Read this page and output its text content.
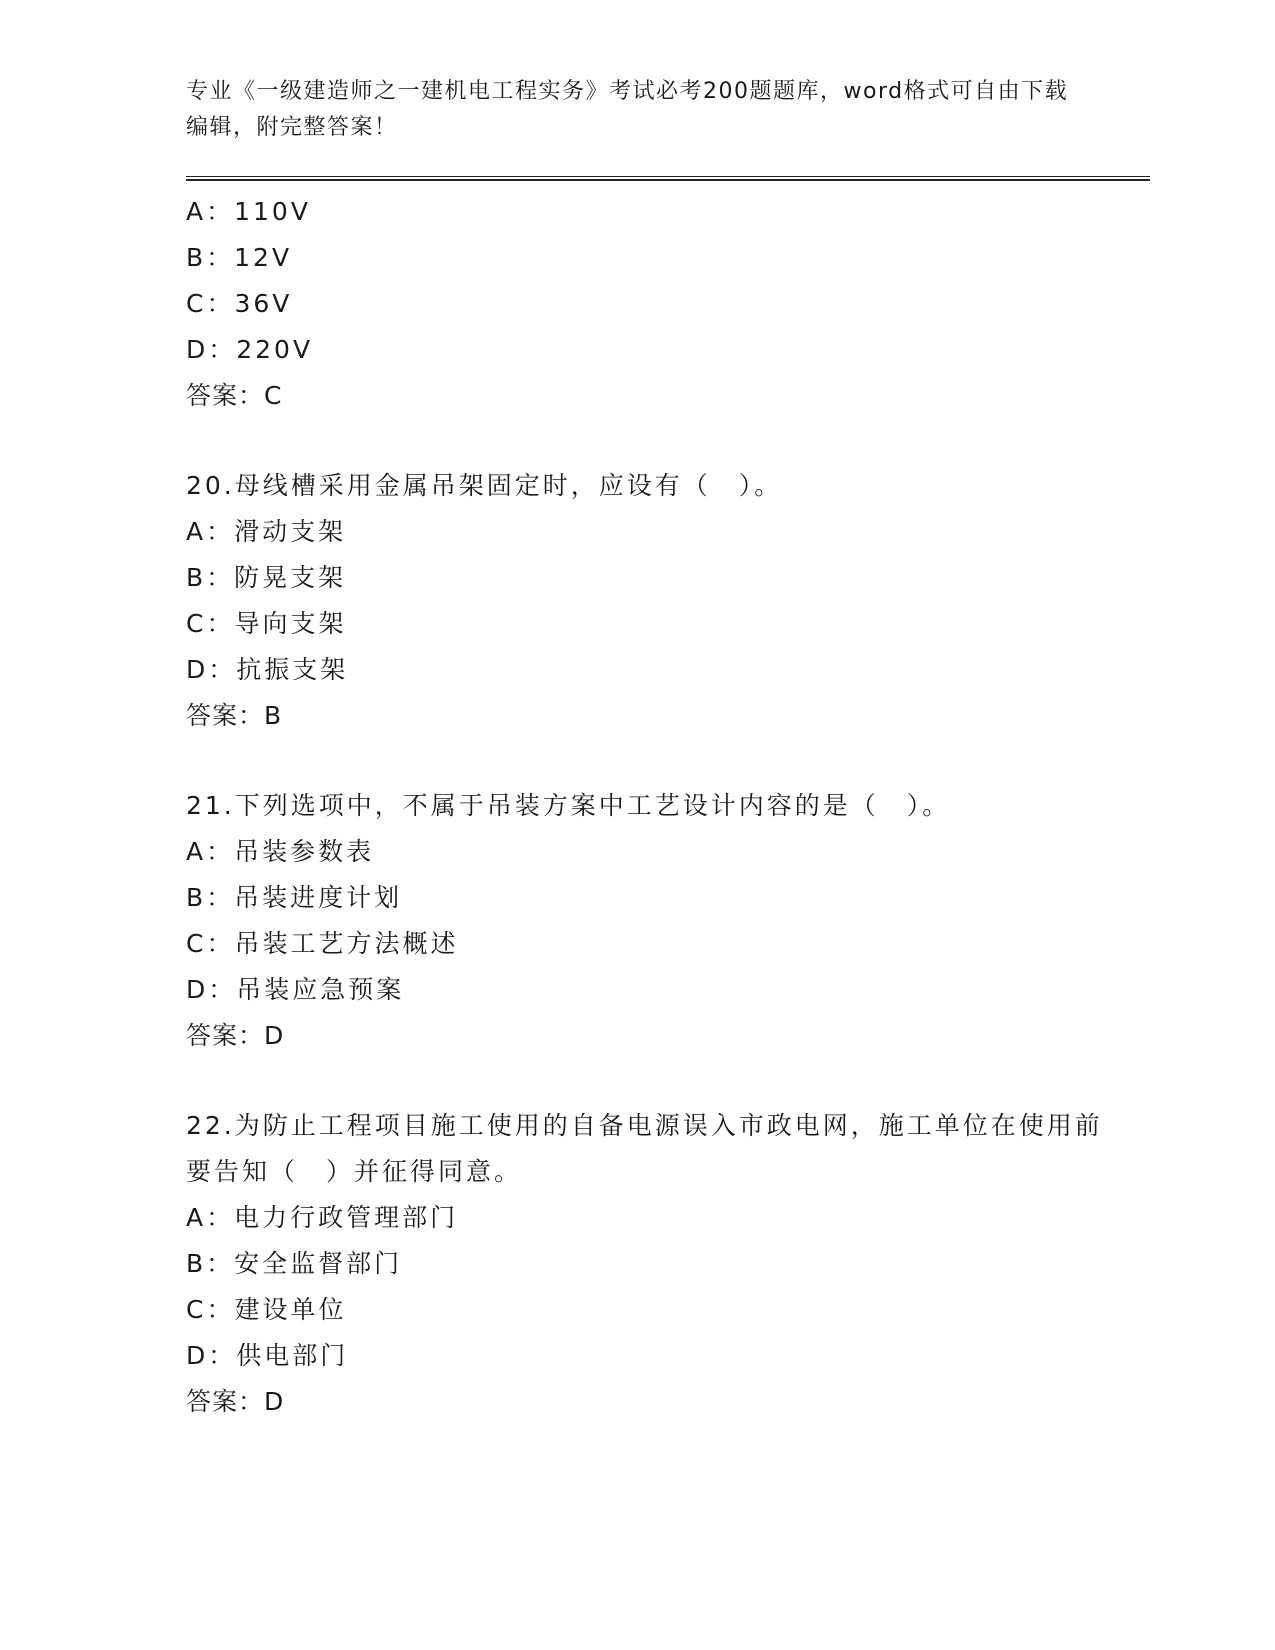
专业《一级建造师之一建机电工程实务》考试必考200题题库，word格式可自由下载编辑，附完整答案！
A：110V
B：12V
C：36V
D：220V
答案：C
20.母线槽采用金属吊架固定时，应设有（　）。
A：滑动支架
B：防晃支架
C：导向支架
D：抗振支架
答案：B
21.下列选项中，不属于吊装方案中工艺设计内容的是（　）。
A：吊装参数表
B：吊装进度计划
C：吊装工艺方法概述
D：吊装应急预案
答案：D
22.为防止工程项目施工使用的自备电源误入市政电网，施工单位在使用前要告知（　）并征得同意。
A：电力行政管理部门
B：安全监督部门
C：建设单位
D：供电部门
答案：D
